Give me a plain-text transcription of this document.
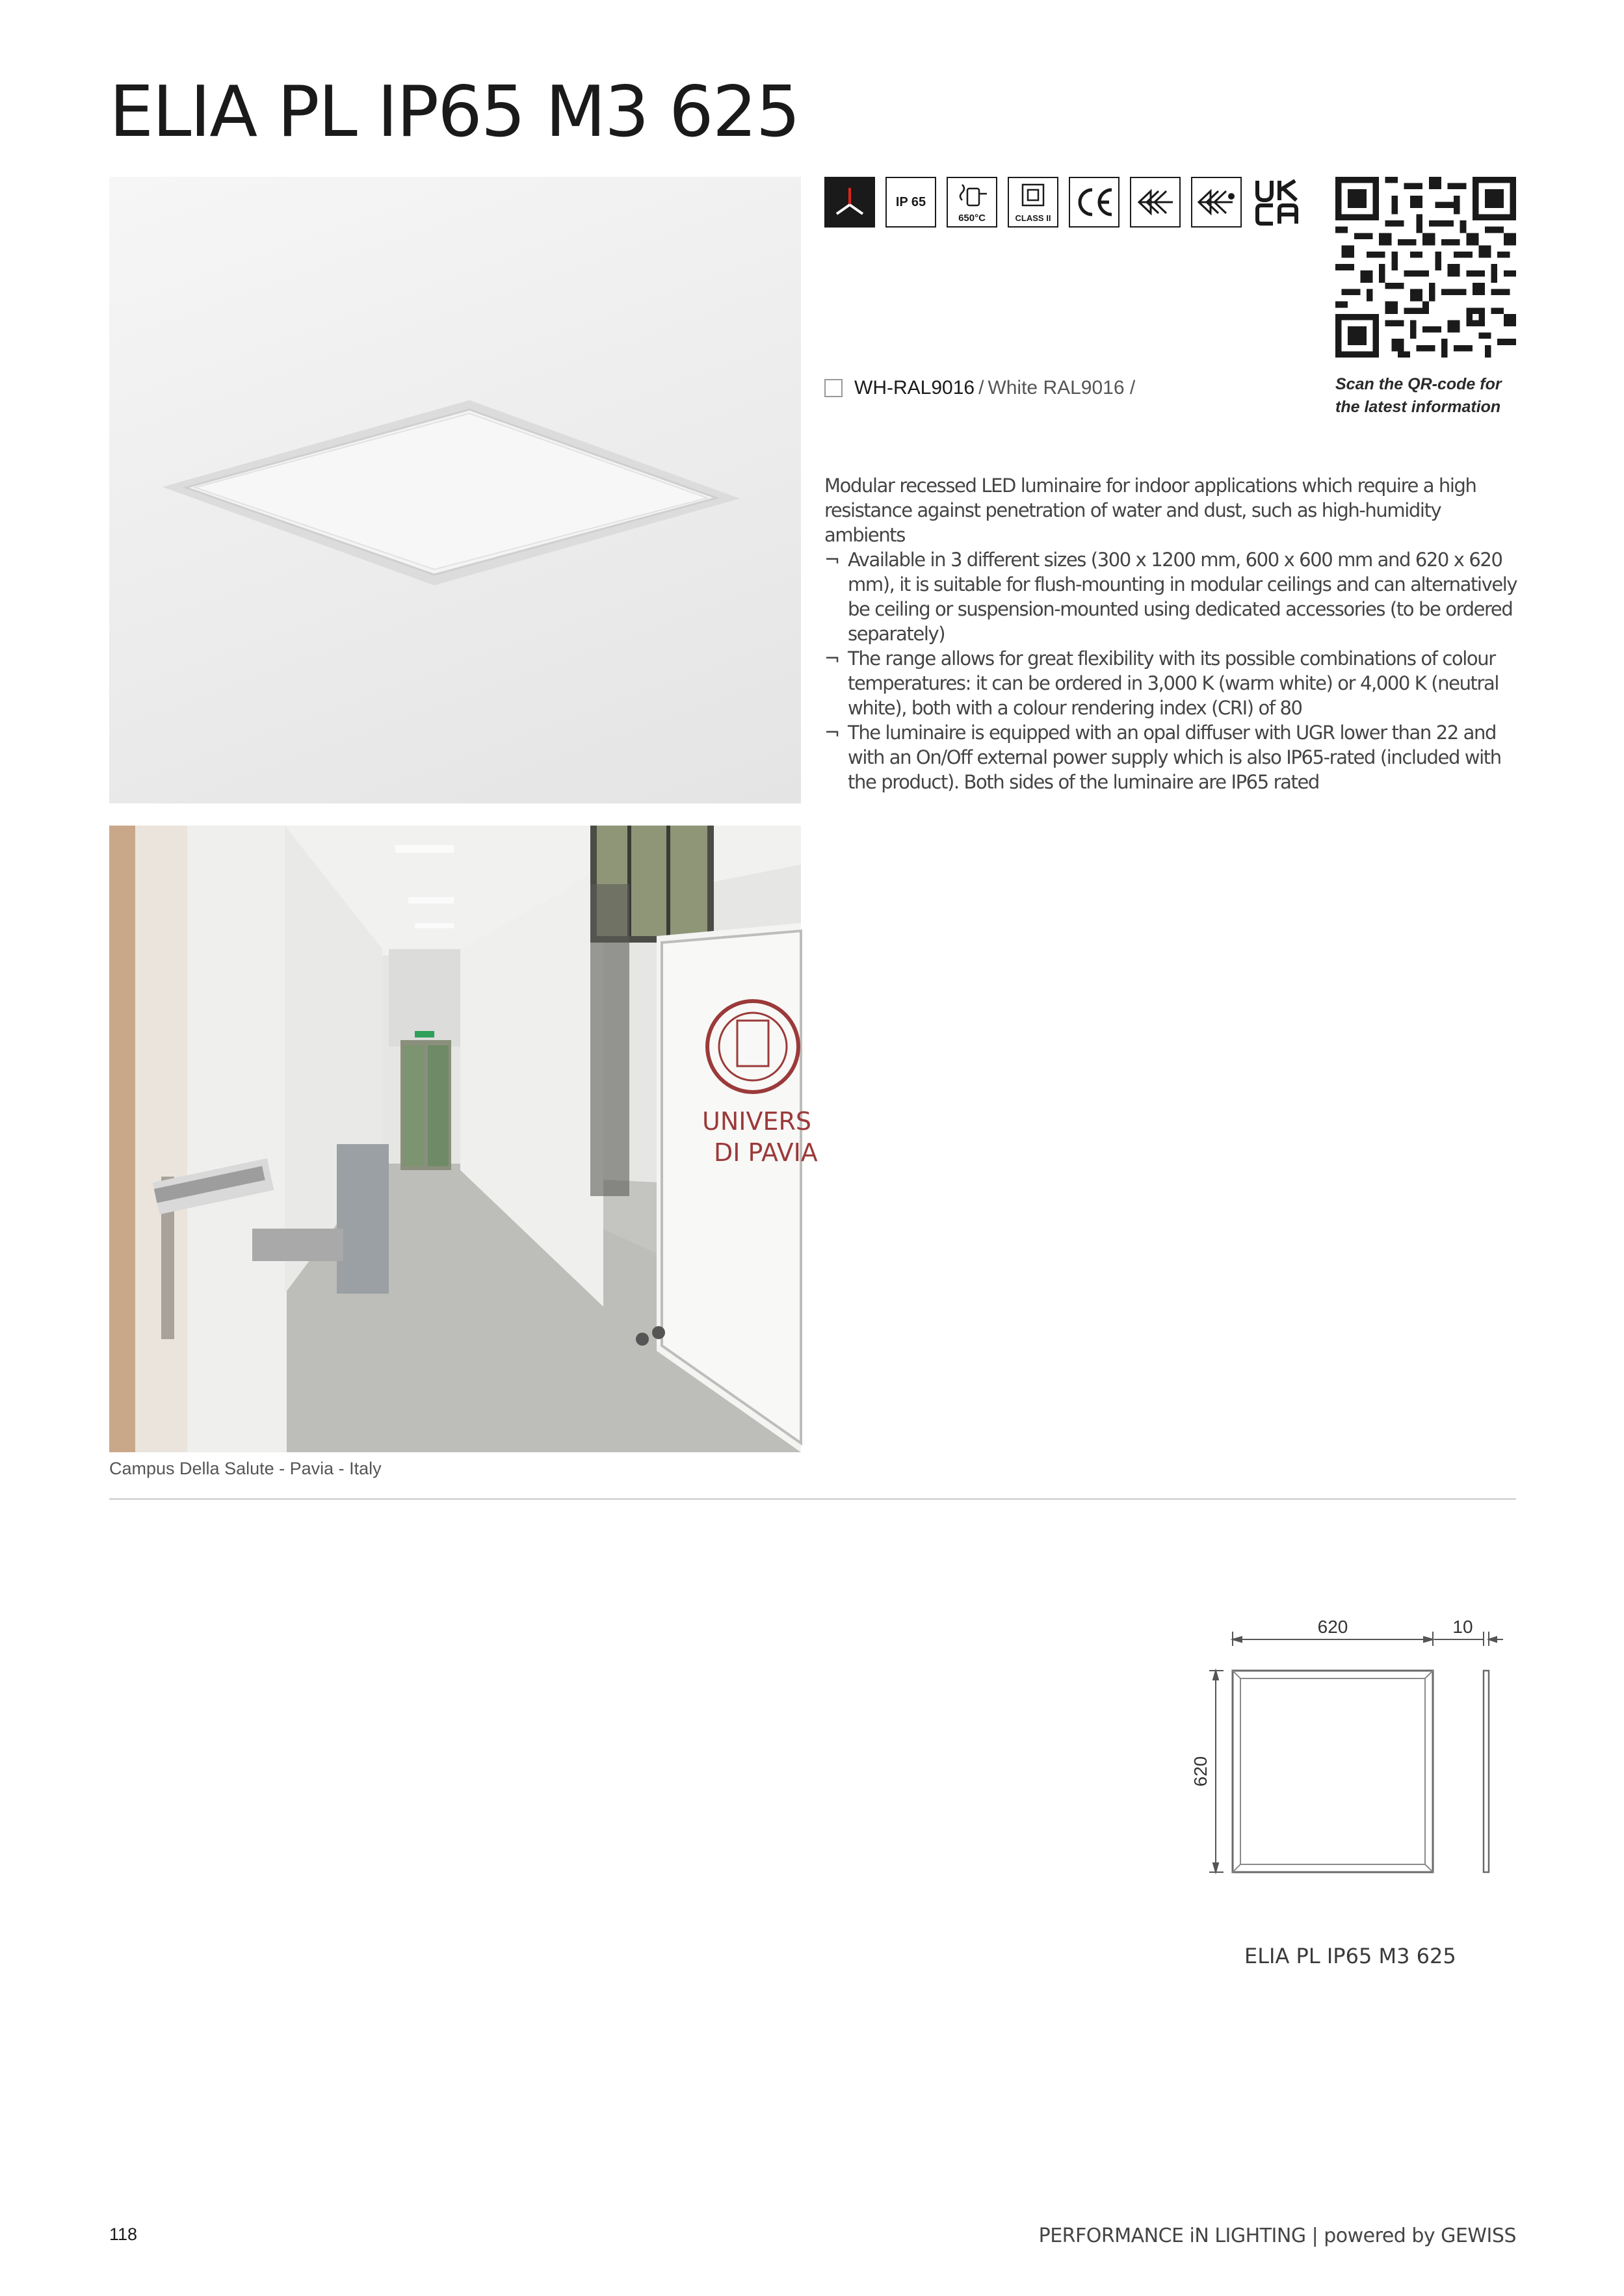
ELIA PL IP65 M3 625
UNIVERS
DI PAVIA
Campus Della Salute - Pavia - Italy
IP 65
650°C	CLASS II
Scan the QR-code for the latest information
WH-RAL9016 / White RAL9016 /

Modular recessed LED luminaire for indoor applications which require a high resistance against penetration of water and dust, such as high-humidity ambients

¬ Available in 3 different sizes (300 x 1200 mm, 600 x 600 mm and 620 x 620 mm), it is suitable for flush-mounting in modular ceilings and can alternatively be ceiling or suspension-mounted using dedicated accessories (to be ordered separately)
¬ The range allows for great flexibility with its possible combinations of colour temperatures: it can be ordered in 3,000 K (warm white) or 4,000 K (neutral white), both with a colour rendering index (CRI) of 80
¬ The luminaire is equipped with an opal diffuser with UGR lower than 22 and with an On/Off external power supply which is also IP65-rated (included with the product). Both sides of the luminaire are IP65 rated
620	10
620
ELIA PL IP65 M3 625
118	PERFORMANCE iN LIGHTING | powered by GEWISS
